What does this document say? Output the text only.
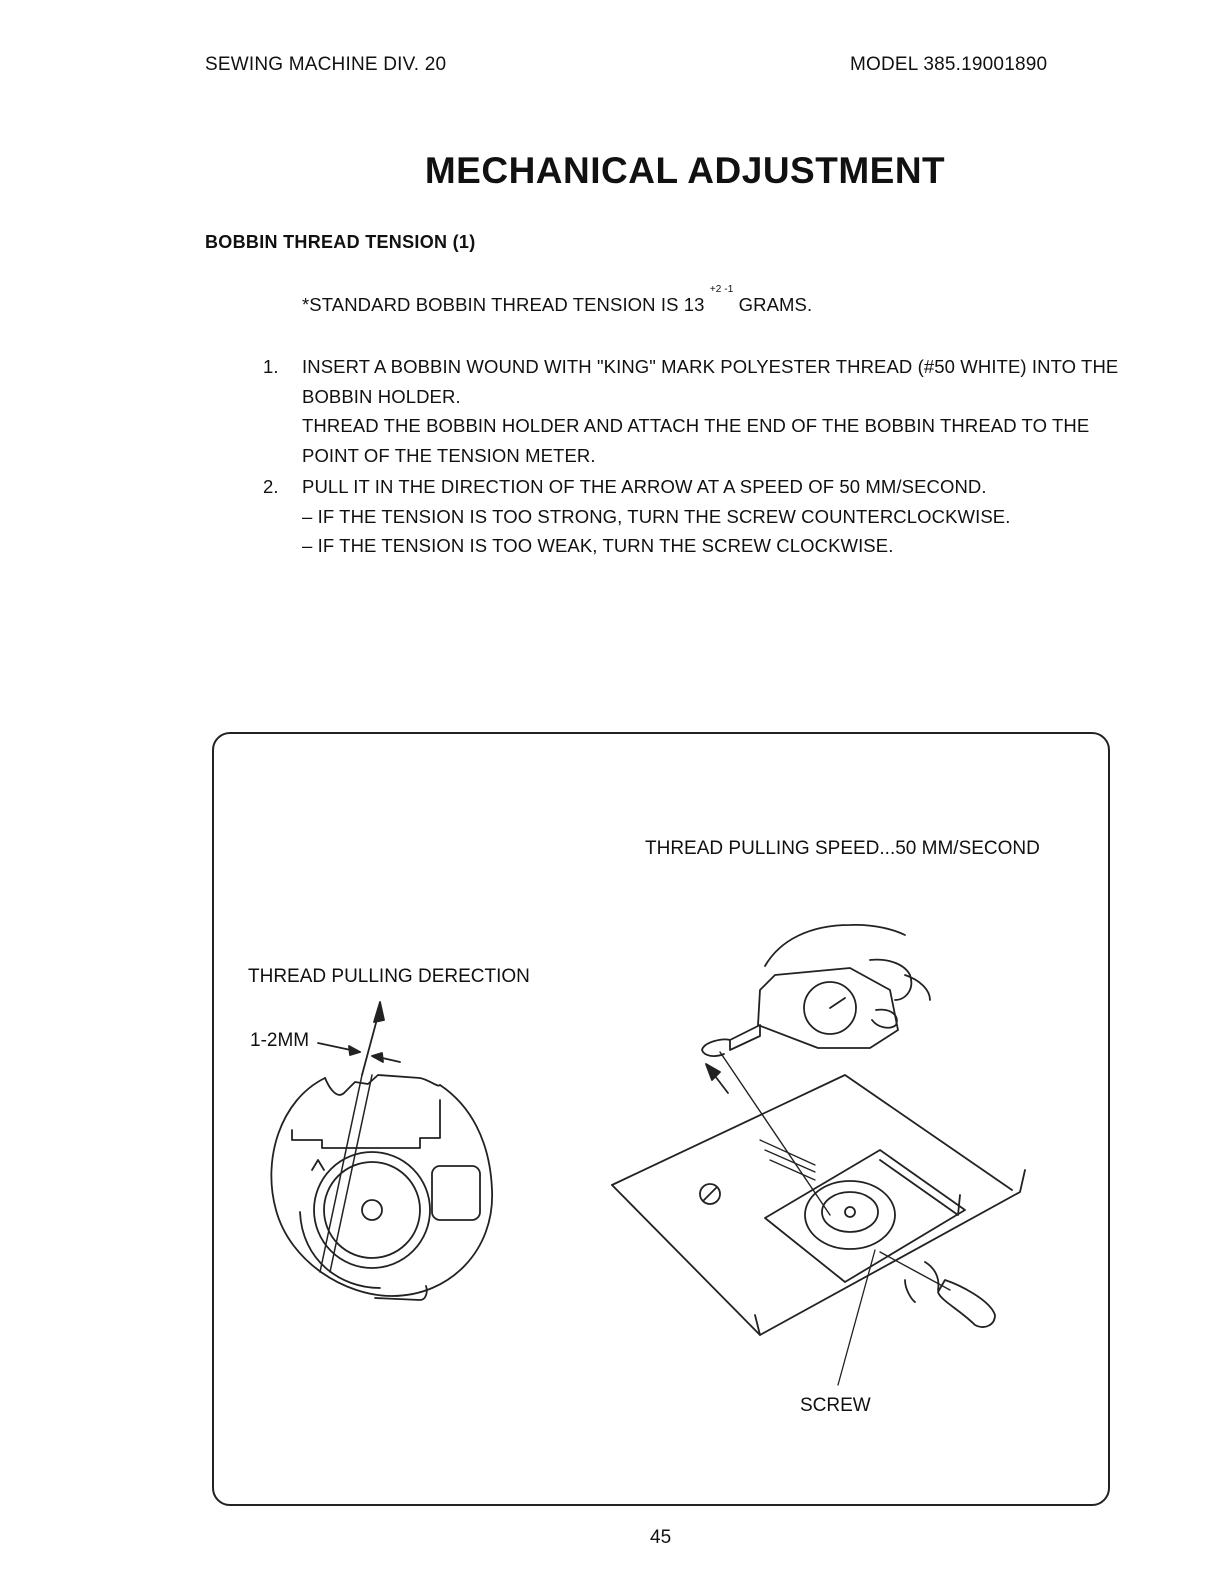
SEWING MACHINE DIV. 20	MODEL 385.19001890
MECHANICAL ADJUSTMENT
BOBBIN THREAD TENSION (1)
*STANDARD BOBBIN THREAD TENSION IS 13 $^{+2 -1}$ GRAMS.
1. INSERT A BOBBIN WOUND WITH "KING" MARK POLYESTER THREAD (#50 WHITE) INTO THE
BOBBIN HOLDER.
THREAD THE BOBBIN HOLDER AND ATTACH THE END OF THE BOBBIN THREAD TO THE
POINT OF THE TENSION METER.
2. PULL IT IN THE DIRECTION OF THE ARROW AT A SPEED OF 50 MM/SECOND.
– IF THE TENSION IS TOO STRONG, TURN THE SCREW COUNTERCLOCKWISE.
– IF THE TENSION IS TOO WEAK, TURN THE SCREW CLOCKWISE.
THREAD PULLING SPEED...50 MM/SECOND
THREAD PULLING DERECTION
1-2MM
SCREW
45
